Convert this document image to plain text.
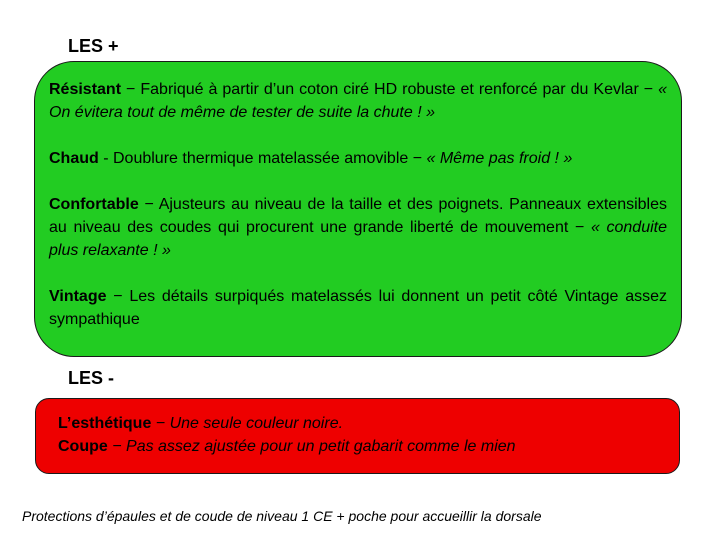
LES +

Résistant − Fabriqué à partir d’un coton ciré HD robuste et renforcé par du Kevlar − « On évitera tout de même de tester de suite la chute ! »

Chaud - Doublure thermique matelassée amovible − « Même pas froid ! »

Confortable − Ajusteurs au niveau de la taille et des poignets. Panneaux extensibles au niveau des coudes qui procurent une grande liberté de mouvement − « conduite plus relaxante ! »

Vintage − Les détails surpiqués matelassés lui donnent un petit côté Vintage assez sympathique

LES -
L’esthétique − Une seule couleur noire.
Coupe − Pas assez ajustée pour un petit gabarit comme le mien
Protections d’épaules et de coude de niveau 1 CE + poche pour accueillir la dorsale
